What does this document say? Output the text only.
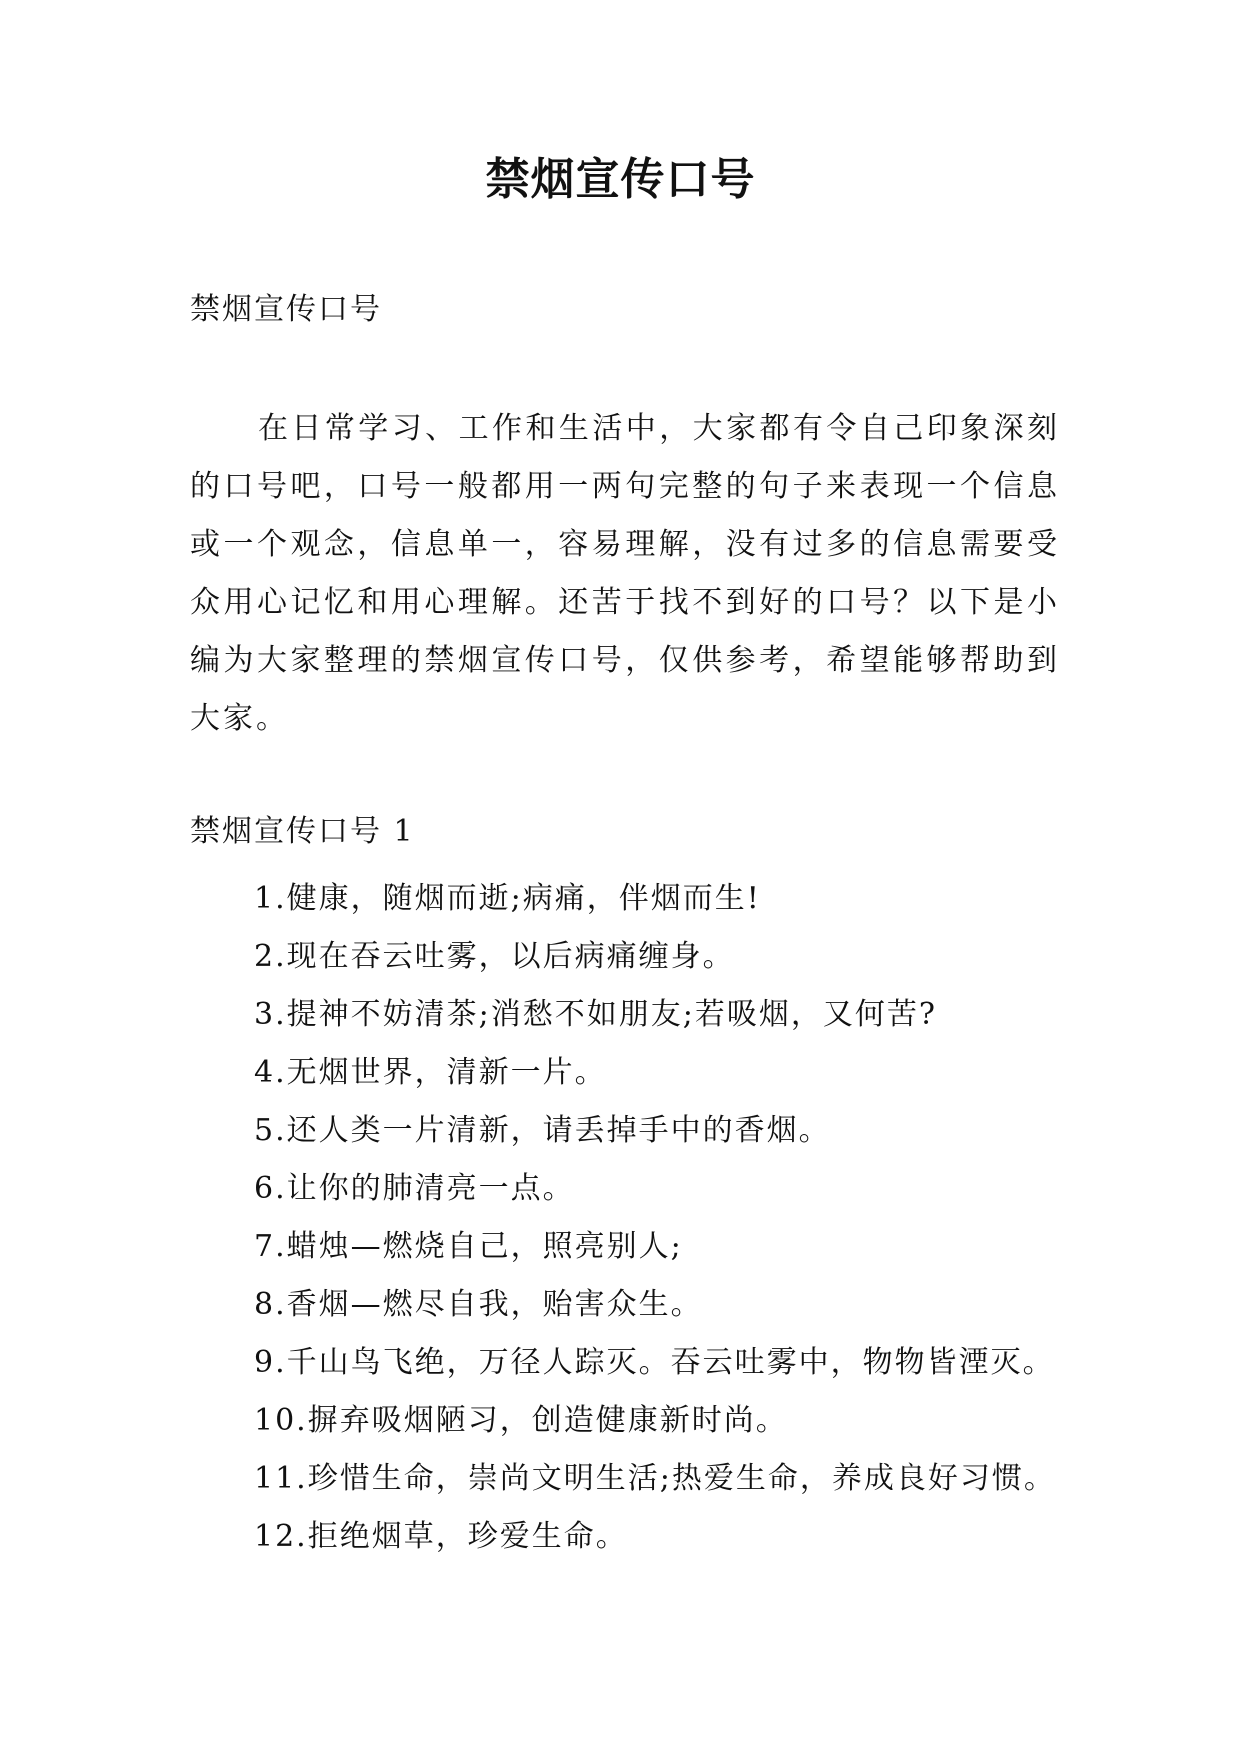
禁烟宣传口号

禁烟宣传口号

在日常学习、工作和生活中，大家都有令自己印象深刻的口号吧，口号一般都用一两句完整的句子来表现一个信息或一个观念，信息单一，容易理解，没有过多的信息需要受众用心记忆和用心理解。还苦于找不到好的口号？以下是小编为大家整理的禁烟宣传口号，仅供参考，希望能够帮助到大家。

禁烟宣传口号 1

1.健康，随烟而逝;病痛，伴烟而生!
2.现在吞云吐雾，以后病痛缠身。
3.提神不妨清茶;消愁不如朋友;若吸烟，又何苦?
4.无烟世界，清新一片。
5.还人类一片清新，请丢掉手中的香烟。
6.让你的肺清亮一点。
7.蜡烛—燃烧自己，照亮别人;
8.香烟—燃尽自我，贻害众生。
9.千山鸟飞绝，万径人踪灭。吞云吐雾中，物物皆湮灭。
10.摒弃吸烟陋习，创造健康新时尚。
11.珍惜生命，崇尚文明生活;热爱生命，养成良好习惯。
12.拒绝烟草，珍爱生命。
